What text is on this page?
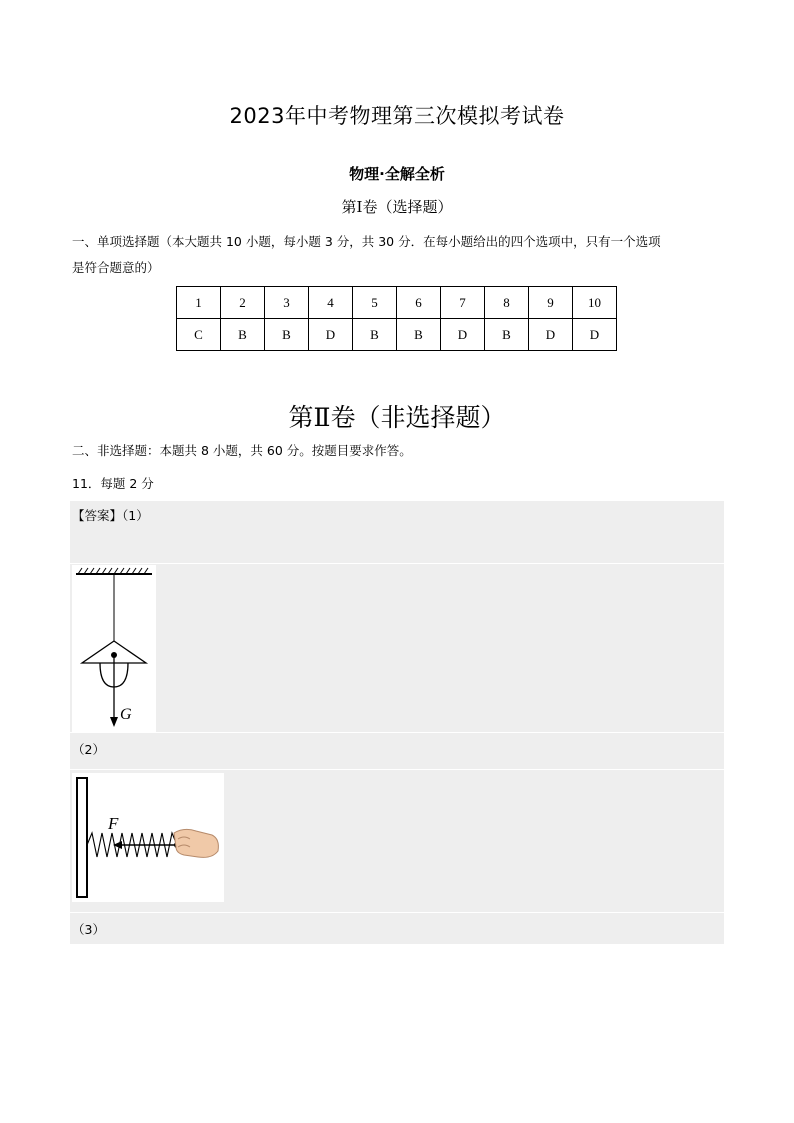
2023年中考物理第三次模拟考试卷
物理·全解全析
第Ⅰ卷（选择题）
一、单项选择题（本大题共 10 小题，每小题 3 分，共 30 分．在每小题给出的四个选项中，只有一个选项
是符合题意的）
1	2	3	4	5	6	7	8	9	10
C	B	B	D	B	B	D	B	D	D
第Ⅱ卷（非选择题）
二、非选择题：本题共 8 小题，共 60 分。按题目要求作答。
11．每题 2 分
【答案】（1）
（2）
（3）
G
F
